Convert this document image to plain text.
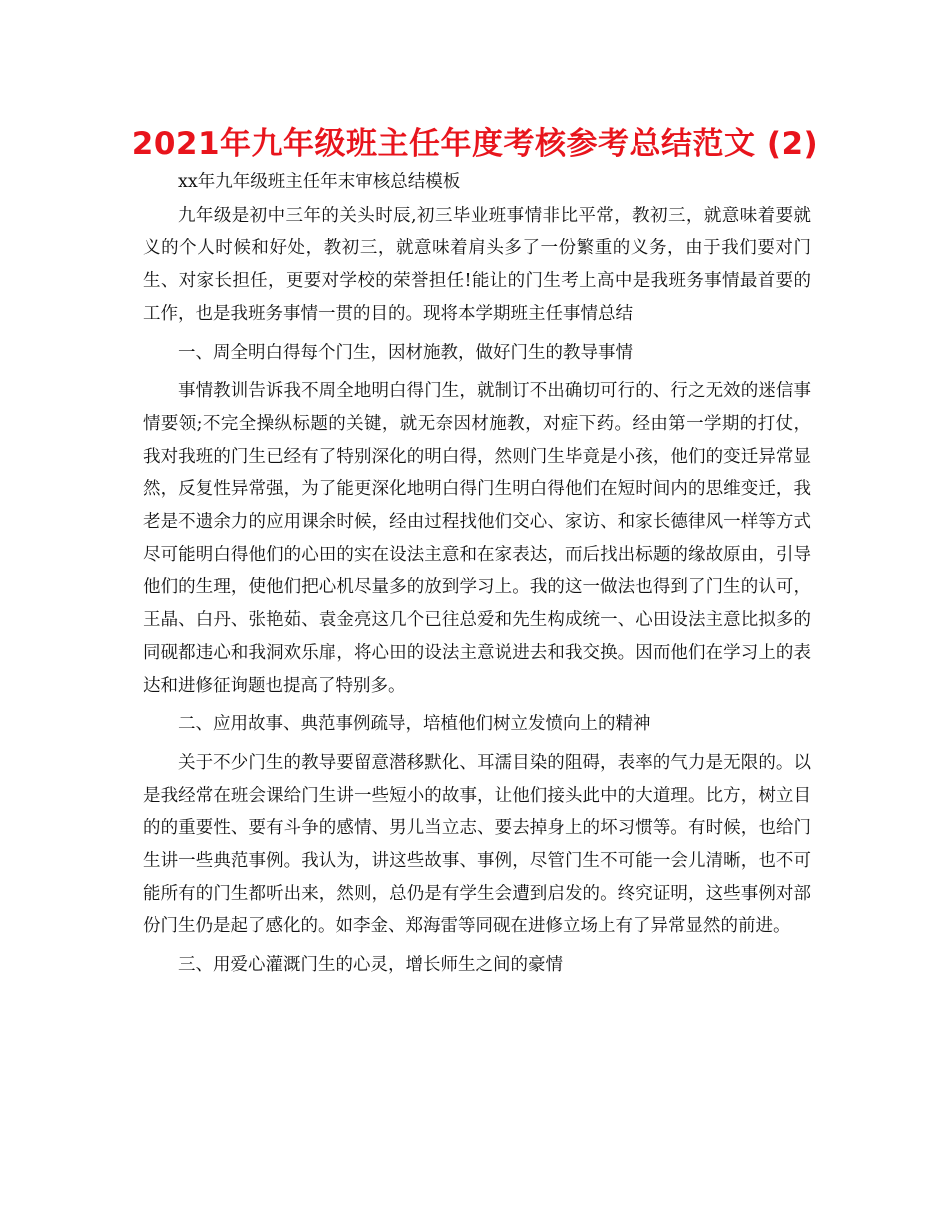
2021年九年级班主任年度考核参考总结范文 (2)

xx年九年级班主任年末审核总结模板

九年级是初中三年的关头时辰,初三毕业班事情非比平常，教初三，就意味着要就义的个人时候和好处，教初三，就意味着肩头多了一份繁重的义务，由于我们要对门生、对家长担任，更要对学校的荣誉担任!能让的门生考上高中是我班务事情最首要的工作，也是我班务事情一贯的目的。现将本学期班主任事情总结

一、周全明白得每个门生，因材施教，做好门生的教导事情

事情教训告诉我不周全地明白得门生，就制订不出确切可行的、行之无效的迷信事情要领;不完全操纵标题的关键，就无奈因材施教，对症下药。经由第一学期的打仗，我对我班的门生已经有了特别深化的明白得，然则门生毕竟是小孩，他们的变迁异常显然，反复性异常强，为了能更深化地明白得门生明白得他们在短时间内的思维变迁，我老是不遗余力的应用课余时候，经由过程找他们交心、家访、和家长德律风一样等方式尽可能明白得他们的心田的实在设法主意和在家表达，而后找出标题的缘故原由，引导他们的生理，使他们把心机尽量多的放到学习上。我的这一做法也得到了门生的认可，王晶、白丹、张艳茹、袁金亮这几个已往总爱和先生构成统一、心田设法主意比拟多的同砚都违心和我洞欢乐扉，将心田的设法主意说进去和我交换。因而他们在学习上的表达和进修征询题也提高了特别多。

二、应用故事、典范事例疏导，培植他们树立发愤向上的精神

关于不少门生的教导要留意潜移默化、耳濡目染的阻碍，表率的气力是无限的。以是我经常在班会课给门生讲一些短小的故事，让他们接头此中的大道理。比方，树立目的的重要性、要有斗争的感情、男儿当立志、要去掉身上的坏习惯等。有时候，也给门生讲一些典范事例。我认为，讲这些故事、事例，尽管门生不可能一会儿清晰，也不可能所有的门生都听出来，然则，总仍是有学生会遭到启发的。终究证明，这些事例对部份门生仍是起了感化的。如李金、郑海雷等同砚在进修立场上有了异常显然的前进。

三、用爱心灌溉门生的心灵，增长师生之间的豪情
